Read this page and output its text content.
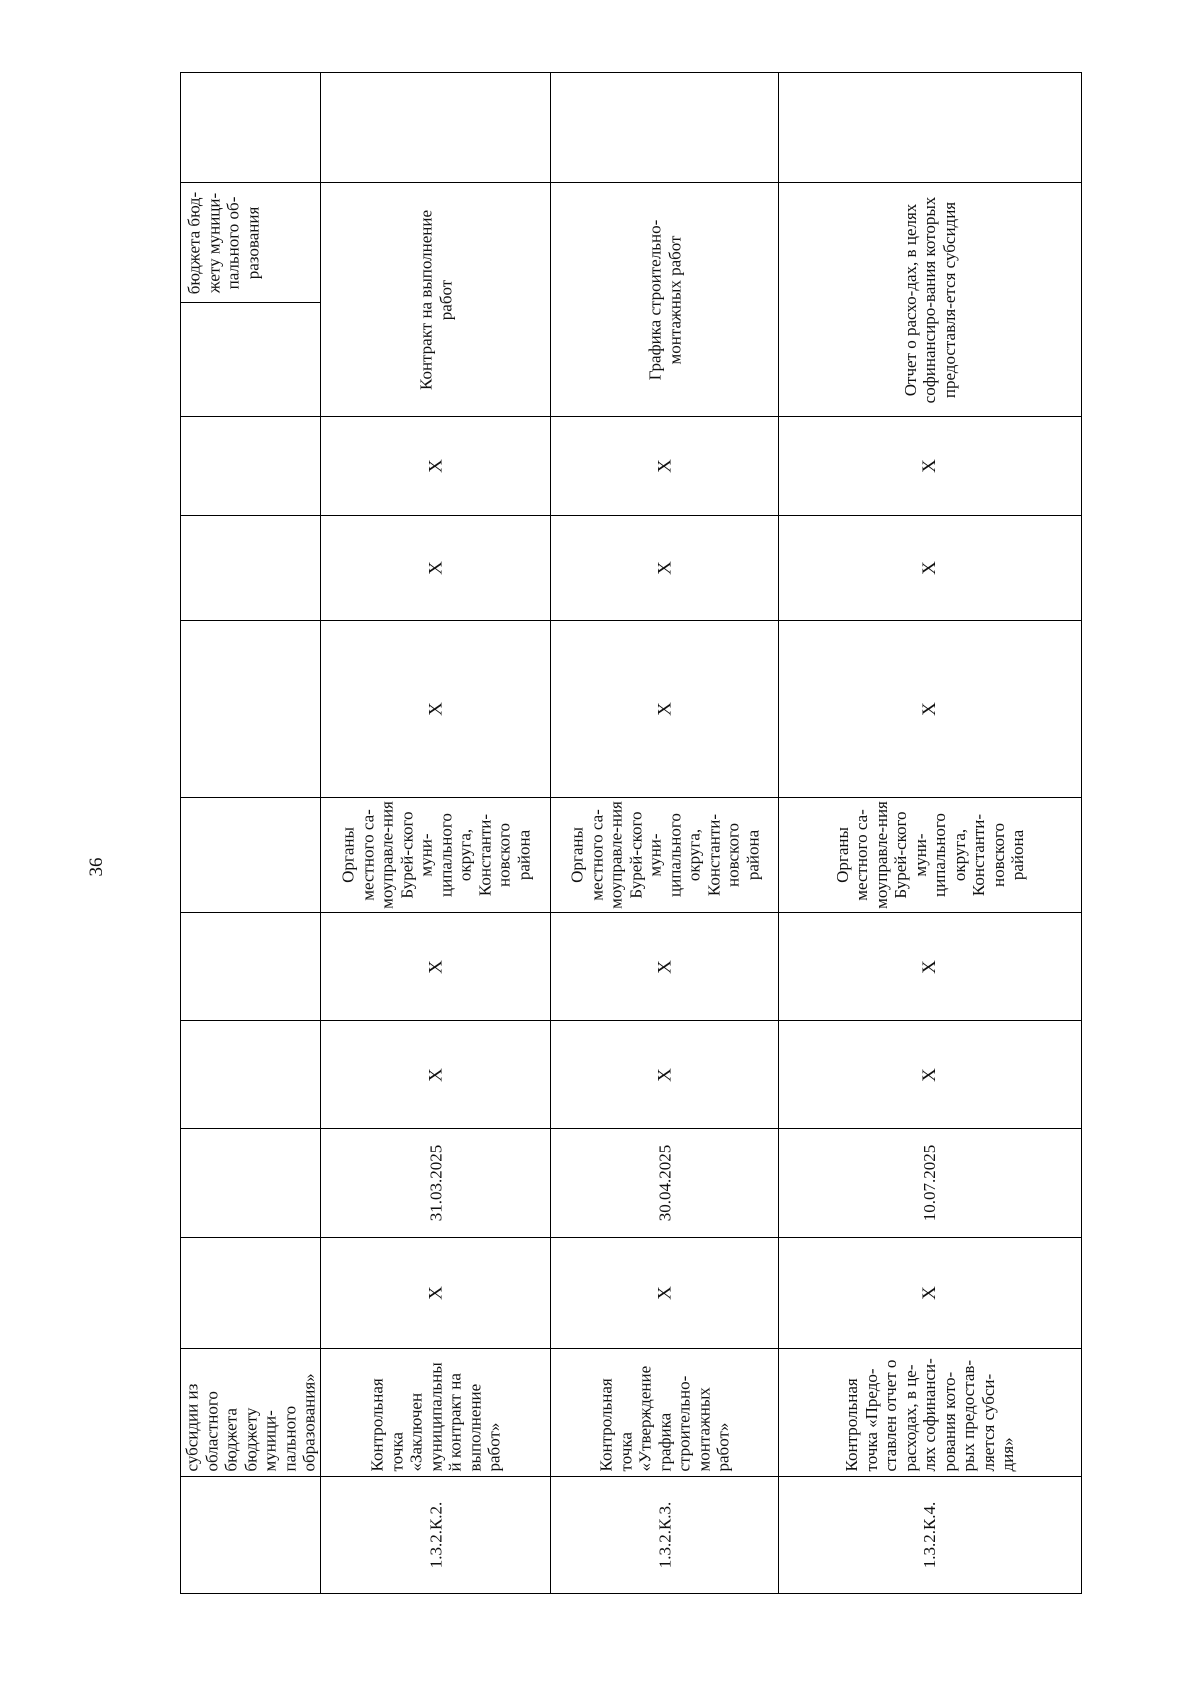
36
субсидии из областного бюджета бюджету муници-пального образования»
бюджета бюд-жету муници-пального об-разования
1.3.2.К.2.
Контрольная точка «Заключен муниципальны й контракт на выполнение работ»
X
31.03.2025
X
X
Органы местного са-моуправле-ния Бурей-ского муни-ципального округа, Константи-новского района
X
X
X
Контракт на выполнение работ
1.3.2.К.3.
Контрольная точка «Утверждение графика строительно-монтажных работ»
X
30.04.2025
X
X
Органы местного са-моуправле-ния Бурей-ского муни-ципального округа, Константи-новского района
X
X
X
Графика строительно-монтажных работ
1.3.2.К.4.
Контрольная точка «Предо-ставлен отчет о расходах, в це-лях софинанси-рования кото-рых предостав-ляется субси-дия»
X
10.07.2025
X
X
Органы местного са-моуправле-ния Бурей-ского муни-ципального округа, Константи-новского района
X
X
X
Отчет о расхо-дах, в целях софинансиро-вания которых предоставля-ется субсидия
